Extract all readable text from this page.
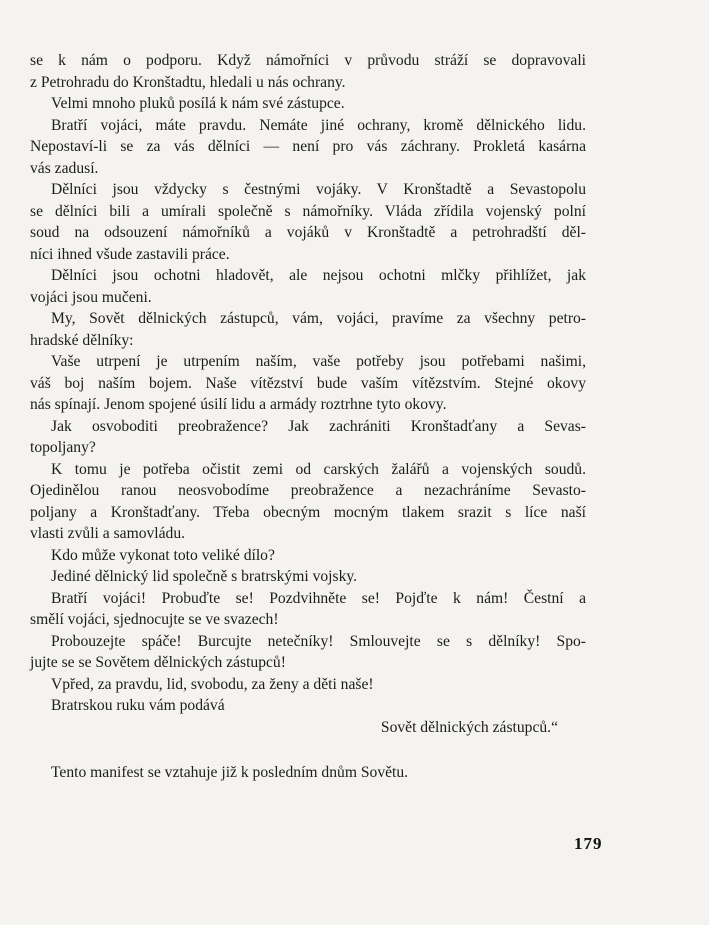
se k nám o podporu. Když námořníci v průvodu stráží se dopravovali
z Petrohradu do Kronštadtu, hledali u nás ochrany.
Velmi mnoho pluků posílá k nám své zástupce.
Bratří vojáci, máte pravdu. Nemáte jiné ochrany, kromě dělnického lidu.
Nepostaví-li se za vás dělníci — není pro vás záchrany. Prokletá kasárna
vás zadusí.
Dělníci jsou vždycky s čestnými vojáky. V Kronštadtě a Sevastopolu
se dělníci bili a umírali společně s námořníky. Vláda zřídila vojenský polní
soud na odsouzení námořníků a vojáků v Kronštadtě a petrohradští děl-
níci ihned všude zastavili práce.
Dělníci jsou ochotni hladovět, ale nejsou ochotni mlčky přihlížet, jak
vojáci jsou mučeni.
My, Sovět dělnických zástupců, vám, vojáci, pravíme za všechny petro-
hradské dělníky:
Vaše utrpení je utrpením naším, vaše potřeby jsou potřebami našimi,
váš boj naším bojem. Naše vítězství bude vaším vítězstvím. Stejné okovy
nás spínají. Jenom spojené úsilí lidu a armády roztrhne tyto okovy.
Jak osvoboditi preobražence? Jak zachrániti Kronštadťany a Sevas-
topoljany?
K tomu je potřeba očistit zemi od carských žalářů a vojenských soudů.
Ojedinělou ranou neosvobodíme preobražence a nezachráníme Sevasto-
poljany a Kronštadťany. Třeba obecným mocným tlakem srazit s líce naší
vlasti zvůli a samovládu.
Kdo může vykonat toto veliké dílo?
Jediné dělnický lid společně s bratrskými vojsky.
Bratří vojáci! Probuďte se! Pozdvihněte se! Pojďte k nám! Čestní a
smělí vojáci, sjednocujte se ve svazech!
Probouzejte spáče! Burcujte netečníky! Smlouvejte se s dělníky! Spo-
jujte se se Sovětem dělnických zástupců!
Vpřed, za pravdu, lid, svobodu, za ženy a děti naše!
Bratrskou ruku vám podává
Sovět dělnických zástupců.“
Tento manifest se vztahuje již k posledním dnům Sovětu.
179
